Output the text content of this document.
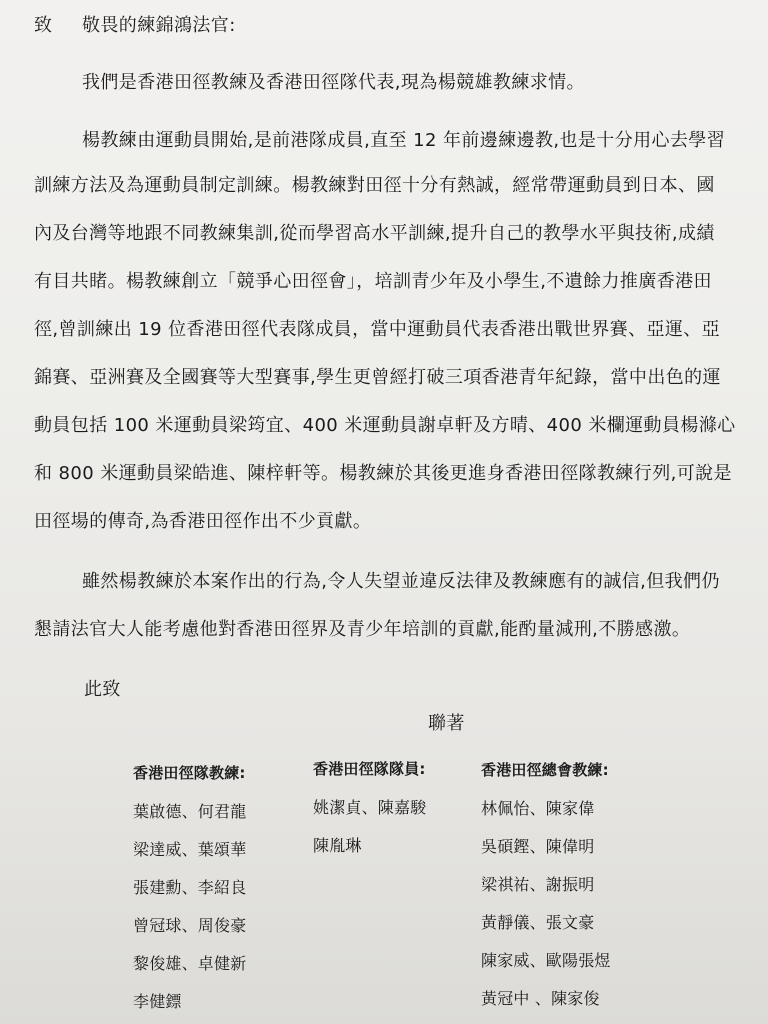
致 敬畏的練錦鴻法官:
我們是香港田徑教練及香港田徑隊代表,現為楊競雄教練求情。
楊教練由運動員開始,是前港隊成員,直至 12 年前邊練邊教,也是十分用心去學習
訓練方法及為運動員制定訓練。楊教練對田徑十分有熱誠，經常帶運動員到日本、國
內及台灣等地跟不同教練集訓,從而學習高水平訓練,提升自己的教學水平與技術,成績
有目共睹。楊教練創立「競爭心田徑會」，培訓青少年及小學生,不遺餘力推廣香港田
徑,曾訓練出 19 位香港田徑代表隊成員，當中運動員代表香港出戰世界賽、亞運、亞
錦賽、亞洲賽及全國賽等大型賽事,學生更曾經打破三項香港青年紀錄，當中出色的運
動員包括 100 米運動員梁筠宜、400 米運動員謝卓軒及方晴、400 米欄運動員楊滌心
和 800 米運動員梁皓進、陳梓軒等。楊教練於其後更進身香港田徑隊教練行列,可說是
田徑場的傳奇,為香港田徑作出不少貢獻。
雖然楊教練於本案作出的行為,令人失望並違反法律及教練應有的誠信,但我們仍
懇請法官大人能考慮他對香港田徑界及青少年培訓的貢獻,能酌量減刑,不勝感激。
此致
聯著
香港田徑隊教練:	香港田徑隊隊員:	香港田徑總會教練:
葉啟德、何君龍
梁達威、葉頌華
張建勳、李紹良
曾冠球、周俊豪
黎俊雄、卓健新
李健鏢
姚潔貞、陳嘉駿
陳胤琳
林佩怡、陳家偉
吳碩鏗、陳偉明
梁祺祐、謝振明
黃靜儀、張文豪
陳家威、歐陽張煜
黃冠中 、陳家俊
